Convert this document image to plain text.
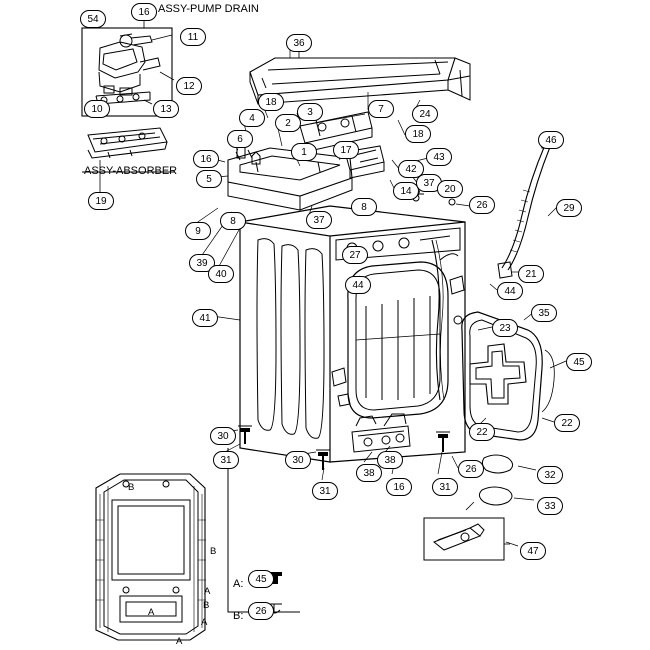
ASSY-PUMP DRAIN
ASSY-ABSORBER
A:	45
B:	26
54
16
11
12
13
10
19
36
7	24
18
18
3
4	2
6
1	17
16
5
42
43
14
37
20
26
46
29
8
9
39
40
37
8
27
44
44
21
35
23
45
22
22
41
30
31	30
31
38
38
16	31
26
32
33
47
B
B
A
B
A
A
A
